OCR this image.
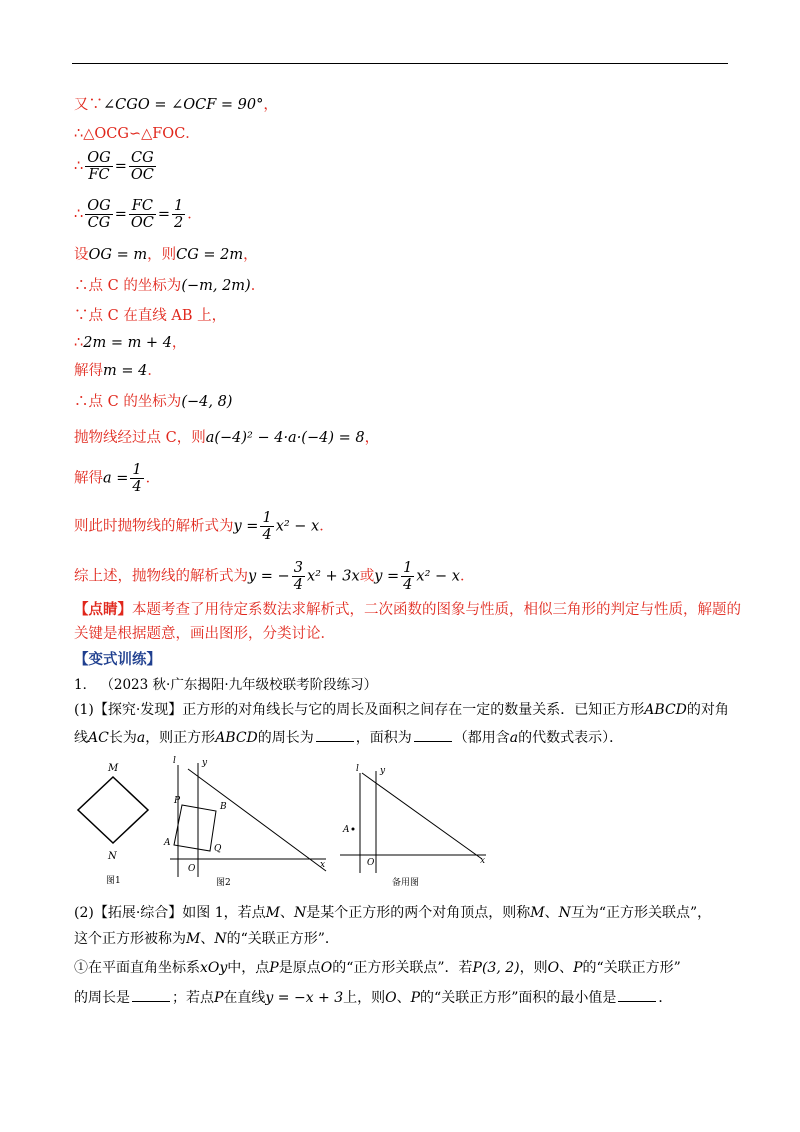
又∵∠CGO = ∠OCF = 90°，
∴△OCG∽△FOC．
∴ $\frac{OG}{FC} = \frac{CG}{OC}$
∴ $\frac{OG}{CG} = \frac{FC}{OC} = \frac{1}{2}$ ．
设OG = m，则CG = 2m，
∴点 C 的坐标为(−m, 2m)．
∵点 C 在直线 AB 上，
∴2m = m + 4，
解得m = 4．
∴点 C 的坐标为(−4, 8)
抛物线经过点 C，则a(−4)² − 4·a·(−4) = 8，
解得$a = \frac{1}{4}$ ．
则此时抛物线的解析式为$y = \frac{1}{4} x^2 - x$．
综上述，抛物线的解析式为y = − $\frac{3}{4} x^2 + 3x$或$y = \frac{1}{4} x^2 - x$．
【点睛】本题考查了用待定系数法求解析式，二次函数的图象与性质，相似三角形的判定与性质，解题的
关键是根据题意，画出图形，分类讨论．
【变式训练】
1． （2023 秋·广东揭阳·九年级校联考阶段练习）
(1)【探究·发现】正方形的对角线长与它的周长及面积之间存在一定的数量关系．已知正方形ABCD的对角
线AC长为a，则正方形ABCD的周长为	，面积为	（都用含a的代数式表示）．
M
N
图1
l	y
x
O
P
B
A
Q
图2
l y
x
O
A
备用图
(2)【拓展·综合】如图 1，若点M、N是某个正方形的两个对角顶点，则称M、N互为“正方形关联点”，
这个正方形被称为M、N的“关联正方形”．
①在平面直角坐标系xOy中，点P是原点O的“正方形关联点”．若P(3, 2)，则O、P的“关联正方形”
的周长是	；若点P在直线y = −x + 3上，则O、P的“关联正方形”面积的最小值是	．
